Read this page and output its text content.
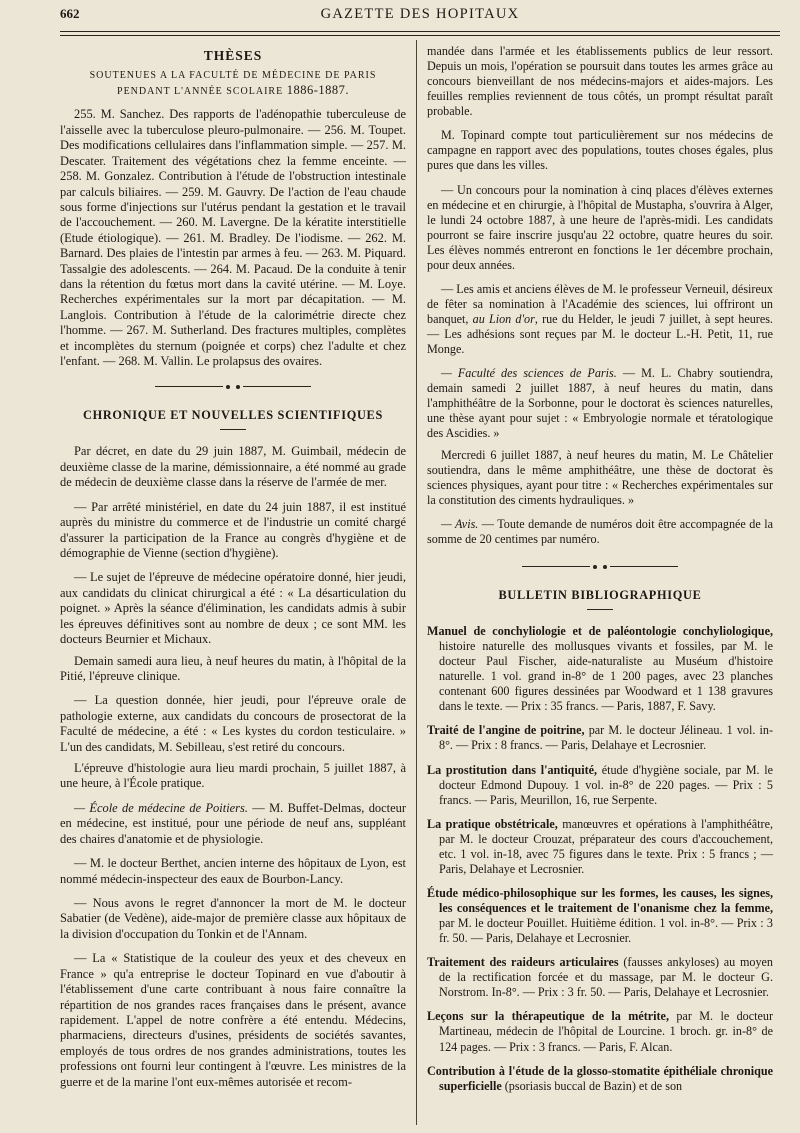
662	GAZETTE DES HOPITAUX
THÈSES
SOUTENUES A LA FACULTÉ DE MÉDECINE DE PARIS
PENDANT L'ANNÉE SCOLAIRE 1886-1887.

255. M. Sanchez. Des rapports de l'adénopathie tuberculeuse de l'aisselle avec la tuberculose pleuro-pulmonaire. — 256. M. Toupet. Des modifications cellulaires dans l'inflammation simple. — 257. M. Descater. Traitement des végétations chez la femme enceinte. — 258. M. Gonzalez. Contribution à l'étude de l'obstruction intestinale par calculs biliaires. — 259. M. Gauvry. De l'action de l'eau chaude sous forme d'injections sur l'utérus pendant la gestation et le travail de l'accouchement. — 260. M. Lavergne. De la kératite interstitielle (Etude étiologique). — 261. M. Bradley. De l'iodisme. — 262. M. Barnard. Des plaies de l'intestin par armes à feu. — 263. M. Piquard. Tassalgie des adolescents. — 264. M. Pacaud. De la conduite à tenir dans la rétention du fœtus mort dans la cavité utérine. — M. Loye. Recherches expérimentales sur la mort par décapitation. — M. Langlois. Contribution à l'étude de la calorimétrie directe chez l'homme. — 267. M. Sutherland. Des fractures multiples, complètes et incomplètes du sternum (poignée et corps) chez l'adulte et chez l'enfant. — 268. M. Vallin. Le prolapsus des ovaires.

CHRONIQUE ET NOUVELLES SCIENTIFIQUES

Par décret, en date du 29 juin 1887, M. Guimbail, médecin de deuxième classe de la marine, démissionnaire, a été nommé au grade de médecin de deuxième classe dans la réserve de l'armée de mer.

— Par arrêté ministériel, en date du 24 juin 1887, il est institué auprès du ministre du commerce et de l'industrie un comité chargé d'assurer la participation de la France au congrès d'hygiène et de démographie de Vienne (section d'hygiène).

— Le sujet de l'épreuve de médecine opératoire donné, hier jeudi, aux candidats du clinicat chirurgical a été : « La désarticulation du poignet. » Après la séance d'élimination, les candidats admis à subir les épreuves définitives sont au nombre de deux ; ce sont MM. les docteurs Beurnier et Michaux.

Demain samedi aura lieu, à neuf heures du matin, à l'hôpital de la Pitié, l'épreuve clinique.

— La question donnée, hier jeudi, pour l'épreuve orale de pathologie externe, aux candidats du concours de prosectorat de la Faculté de médecine, a été : « Les kystes du cordon testiculaire. » L'un des candidats, M. Sebilleau, s'est retiré du concours.

L'épreuve d'histologie aura lieu mardi prochain, 5 juillet 1887, à une heure, à l'École pratique.

— École de médecine de Poitiers. — M. Buffet-Delmas, docteur en médecine, est institué, pour une période de neuf ans, suppléant des chaires d'anatomie et de physiologie.

— M. le docteur Berthet, ancien interne des hôpitaux de Lyon, est nommé médecin-inspecteur des eaux de Bourbon-Lancy.

— Nous avons le regret d'annoncer la mort de M. le docteur Sabatier (de Vedène), aide-major de première classe aux hôpitaux de la division d'occupation du Tonkin et de l'Annam.

— La « Statistique de la couleur des yeux et des cheveux en France » qu'a entreprise le docteur Topinard en vue d'aboutir à l'établissement d'une carte contribuant à nous faire connaître la répartition de nos grandes races françaises dans le présent, avance rapidement. L'appel de notre confrère a été entendu. Médecins, pharmaciens, directeurs d'usines, présidents de sociétés savantes, employés de tous ordres de nos grandes administrations, toutes les professions ont fourni leur contingent à l'œuvre. Les ministres de la guerre et de la marine l'ont eux-mêmes autorisée et recom-

mandée dans l'armée et les établissements publics de leur ressort. Depuis un mois, l'opération se poursuit dans toutes les armes grâce au concours bienveillant de nos médecins-majors et aides-majors. Les feuilles remplies reviennent de tous côtés, un prompt résultat paraît probable.

M. Topinard compte tout particulièrement sur nos médecins de campagne en rapport avec des populations, toutes choses égales, plus pures que dans les villes.

— Un concours pour la nomination à cinq places d'élèves externes en médecine et en chirurgie, à l'hôpital de Mustapha, s'ouvrira à Alger, le lundi 24 octobre 1887, à une heure de l'après-midi. Les candidats pourront se faire inscrire jusqu'au 22 octobre, quatre heures du soir. Les élèves nommés entreront en fonctions le 1er décembre prochain, pour deux années.

— Les amis et anciens élèves de M. le professeur Verneuil, désireux de fêter sa nomination à l'Académie des sciences, lui offriront un banquet, au Lion d'or, rue du Helder, le jeudi 7 juillet, à sept heures. — Les adhésions sont reçues par M. le docteur L.-H. Petit, 11, rue Monge.

— Faculté des sciences de Paris. — M. L. Chabry soutiendra, demain samedi 2 juillet 1887, à neuf heures du matin, dans l'amphithéâtre de la Sorbonne, pour le doctorat ès sciences naturelles, une thèse ayant pour sujet : « Embryologie normale et tératologique des Ascidies. »

Mercredi 6 juillet 1887, à neuf heures du matin, M. Le Châtelier soutiendra, dans le même amphithéâtre, une thèse de doctorat ès sciences physiques, ayant pour titre : « Recherches expérimentales sur la constitution des ciments hydrauliques. »

— Avis. — Toute demande de numéros doit être accompagnée de la somme de 20 centimes par numéro.

BULLETIN BIBLIOGRAPHIQUE

Manuel de conchyliologie et de paléontologie conchyliologique, histoire naturelle des mollusques vivants et fossiles, par M. le docteur Paul Fischer, aide-naturaliste au Muséum d'histoire naturelle. 1 vol. grand in-8° de 1 200 pages, avec 23 planches contenant 600 figures dessinées par Woodward et 1 138 gravures dans le texte. — Prix : 35 francs. — Paris, 1887, F. Savy.

Traité de l'angine de poitrine, par M. le docteur Jélineau. 1 vol. in-8°. — Prix : 8 francs. — Paris, Delahaye et Lecrosnier.

La prostitution dans l'antiquité, étude d'hygiène sociale, par M. le docteur Edmond Dupouy. 1 vol. in-8° de 220 pages. — Prix : 5 francs. — Paris, Meurillon, 16, rue Serpente.

La pratique obstétricale, manœuvres et opérations à l'amphithéâtre, par M. le docteur Crouzat, préparateur des cours d'accouchement, etc. 1 vol. in-18, avec 75 figures dans le texte. Prix : 5 francs ; — Paris, Delahaye et Lecrosnier.

Étude médico-philosophique sur les formes, les causes, les signes, les conséquences et le traitement de l'onanisme chez la femme, par M. le docteur Pouillet. Huitième édition. 1 vol. in-8°. — Prix : 3 fr. 50. — Paris, Delahaye et Lecrosnier.

Traitement des raideurs articulaires (fausses ankyloses) au moyen de la rectification forcée et du massage, par M. le docteur G. Norstrom. In-8°. — Prix : 3 fr. 50. — Paris, Delahaye et Lecrosnier.

Leçons sur la thérapeutique de la métrite, par M. le docteur Martineau, médecin de l'hôpital de Lourcine. 1 broch. gr. in-8° de 124 pages. — Prix : 3 francs. — Paris, F. Alcan.

Contribution à l'étude de la glosso-stomatite épithéliale chronique superficielle (psoriasis buccal de Bazin) et de son
